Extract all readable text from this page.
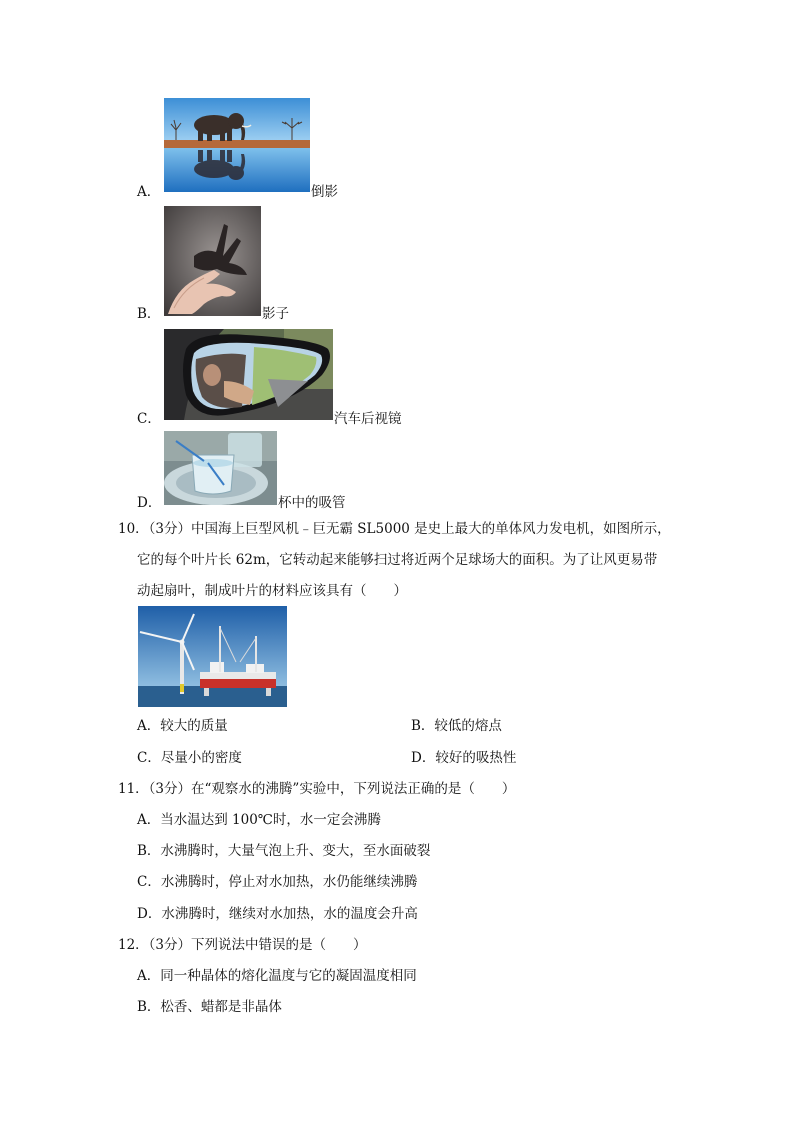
A．	倒影
B．	影子
C．	汽车后视镜
D．	杯中的吸管
10．（3分）中国海上巨型风机﹣巨无霸 SL5000 是史上最大的单体风力发电机，如图所示，
它的每个叶片长 62m，它转动起来能够扫过将近两个足球场大的面积。为了让风更易带
动起扇叶，制成叶片的材料应该具有（　　）
A．较大的质量	B．较低的熔点
C．尽量小的密度	D．较好的吸热性
11．（3分）在“观察水的沸腾”实验中，下列说法正确的是（　　）
A．当水温达到 100℃时，水一定会沸腾
B．水沸腾时，大量气泡上升、变大，至水面破裂
C．水沸腾时，停止对水加热，水仍能继续沸腾
D．水沸腾时，继续对水加热，水的温度会升高
12．（3分）下列说法中错误的是（　　）
A．同一种晶体的熔化温度与它的凝固温度相同
B．松香、蜡都是非晶体
